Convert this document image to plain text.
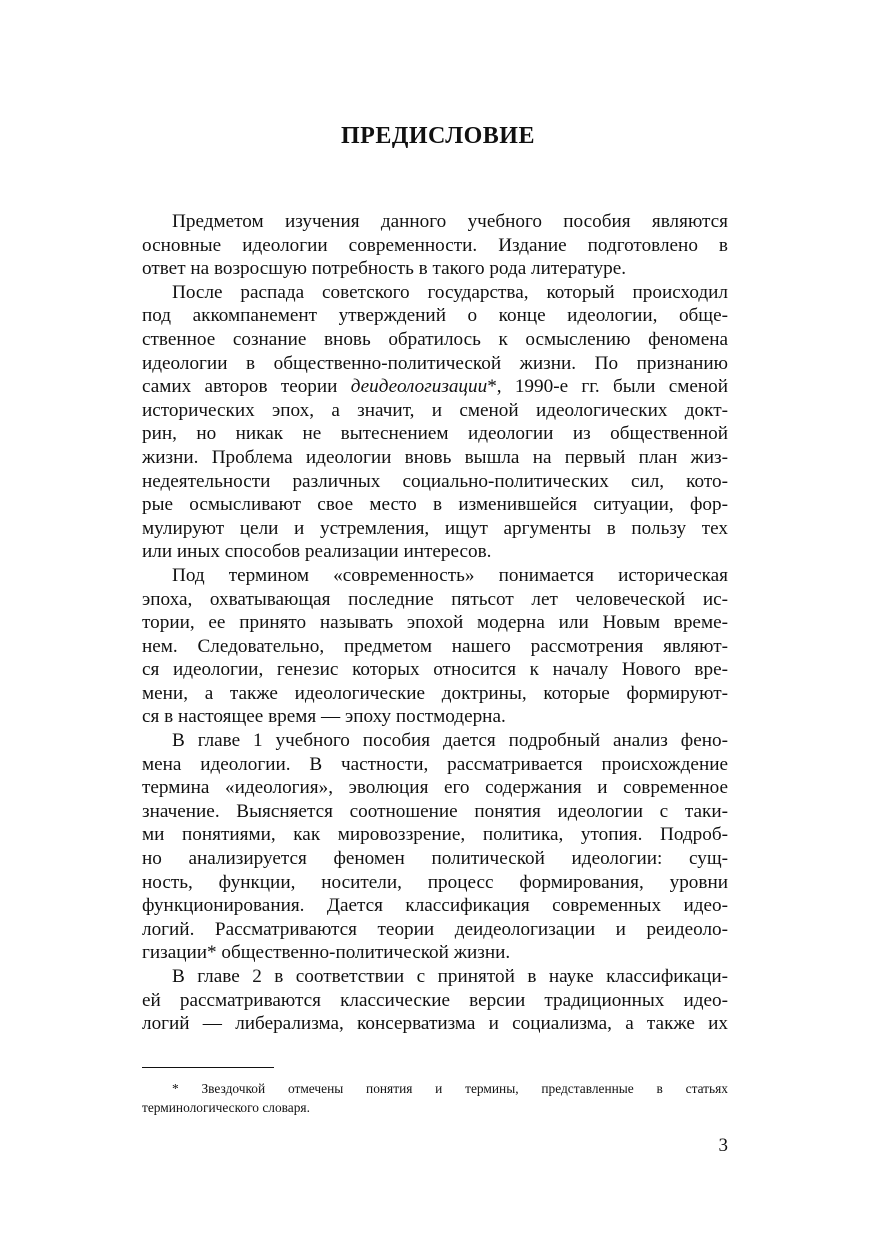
ПРЕДИСЛОВИЕ
Предметом изучения данного учебного пособия являются
основные идеологии современности. Издание подготовлено в
ответ на возросшую потребность в такого рода литературе.
После распада советского государства, который происходил
под аккомпанемент утверждений о конце идеологии, обще-
ственное сознание вновь обратилось к осмыслению феномена
идеологии в общественно-политической жизни. По признанию
самих авторов теории деидеологизации*, 1990-е гг. были сменой
исторических эпох, а значит, и сменой идеологических докт-
рин, но никак не вытеснением идеологии из общественной
жизни. Проблема идеологии вновь вышла на первый план жиз-
недеятельности различных социально-политических сил, кото-
рые осмысливают свое место в изменившейся ситуации, фор-
мулируют цели и устремления, ищут аргументы в пользу тех
или иных способов реализации интересов.
Под термином «современность» понимается историческая
эпоха, охватывающая последние пятьсот лет человеческой ис-
тории, ее принято называть эпохой модерна или Новым време-
нем. Следовательно, предметом нашего рассмотрения являют-
ся идеологии, генезис которых относится к началу Нового вре-
мени, а также идеологические доктрины, которые формируют-
ся в настоящее время — эпоху постмодерна.
В главе 1 учебного пособия дается подробный анализ фено-
мена идеологии. В частности, рассматривается происхождение
термина «идеология», эволюция его содержания и современное
значение. Выясняется соотношение понятия идеологии с таки-
ми понятиями, как мировоззрение, политика, утопия. Подроб-
но анализируется феномен политической идеологии: сущ-
ность, функции, носители, процесс формирования, уровни
функционирования. Дается классификация современных идео-
логий. Рассматриваются теории деидеологизации и реидеоло-
гизации* общественно-политической жизни.
В главе 2 в соответствии с принятой в науке классификаци-
ей рассматриваются классические версии традиционных идео-
логий — либерализма, консерватизма и социализма, а также их
* Звездочкой отмечены понятия и термины, представленные в статьях
терминологического словаря.
3
